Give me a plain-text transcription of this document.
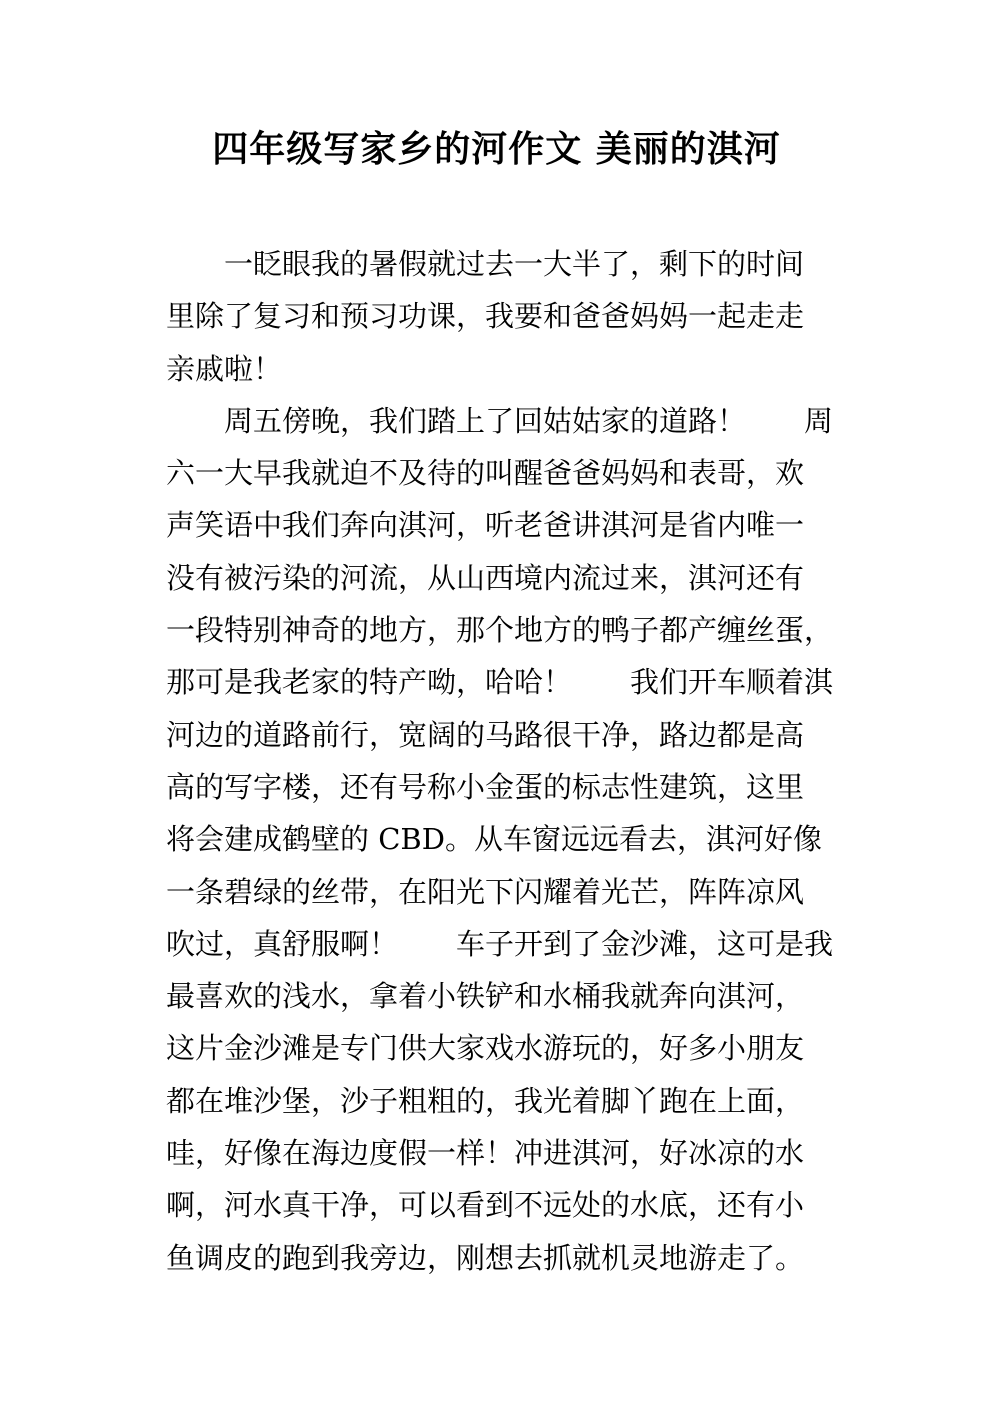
四年级写家乡的河作文 美丽的淇河
　　一眨眼我的暑假就过去一大半了，剩下的时间
里除了复习和预习功课，我要和爸爸妈妈一起走走
亲戚啦！
　　周五傍晚，我们踏上了回姑姑家的道路！　　周
六一大早我就迫不及待的叫醒爸爸妈妈和表哥，欢
声笑语中我们奔向淇河，听老爸讲淇河是省内唯一
没有被污染的河流，从山西境内流过来，淇河还有
一段特别神奇的地方，那个地方的鸭子都产缠丝蛋，
那可是我老家的特产呦，哈哈！　　我们开车顺着淇
河边的道路前行，宽阔的马路很干净，路边都是高
高的写字楼，还有号称小金蛋的标志性建筑，这里
将会建成鹤壁的 CBD。从车窗远远看去，淇河好像
一条碧绿的丝带，在阳光下闪耀着光芒，阵阵凉风
吹过，真舒服啊！　　车子开到了金沙滩，这可是我
最喜欢的浅水，拿着小铁铲和水桶我就奔向淇河，
这片金沙滩是专门供大家戏水游玩的，好多小朋友
都在堆沙堡，沙子粗粗的，我光着脚丫跑在上面，
哇，好像在海边度假一样！冲进淇河，好冰凉的水
啊，河水真干净，可以看到不远处的水底，还有小
鱼调皮的跑到我旁边，刚想去抓就机灵地游走了。
